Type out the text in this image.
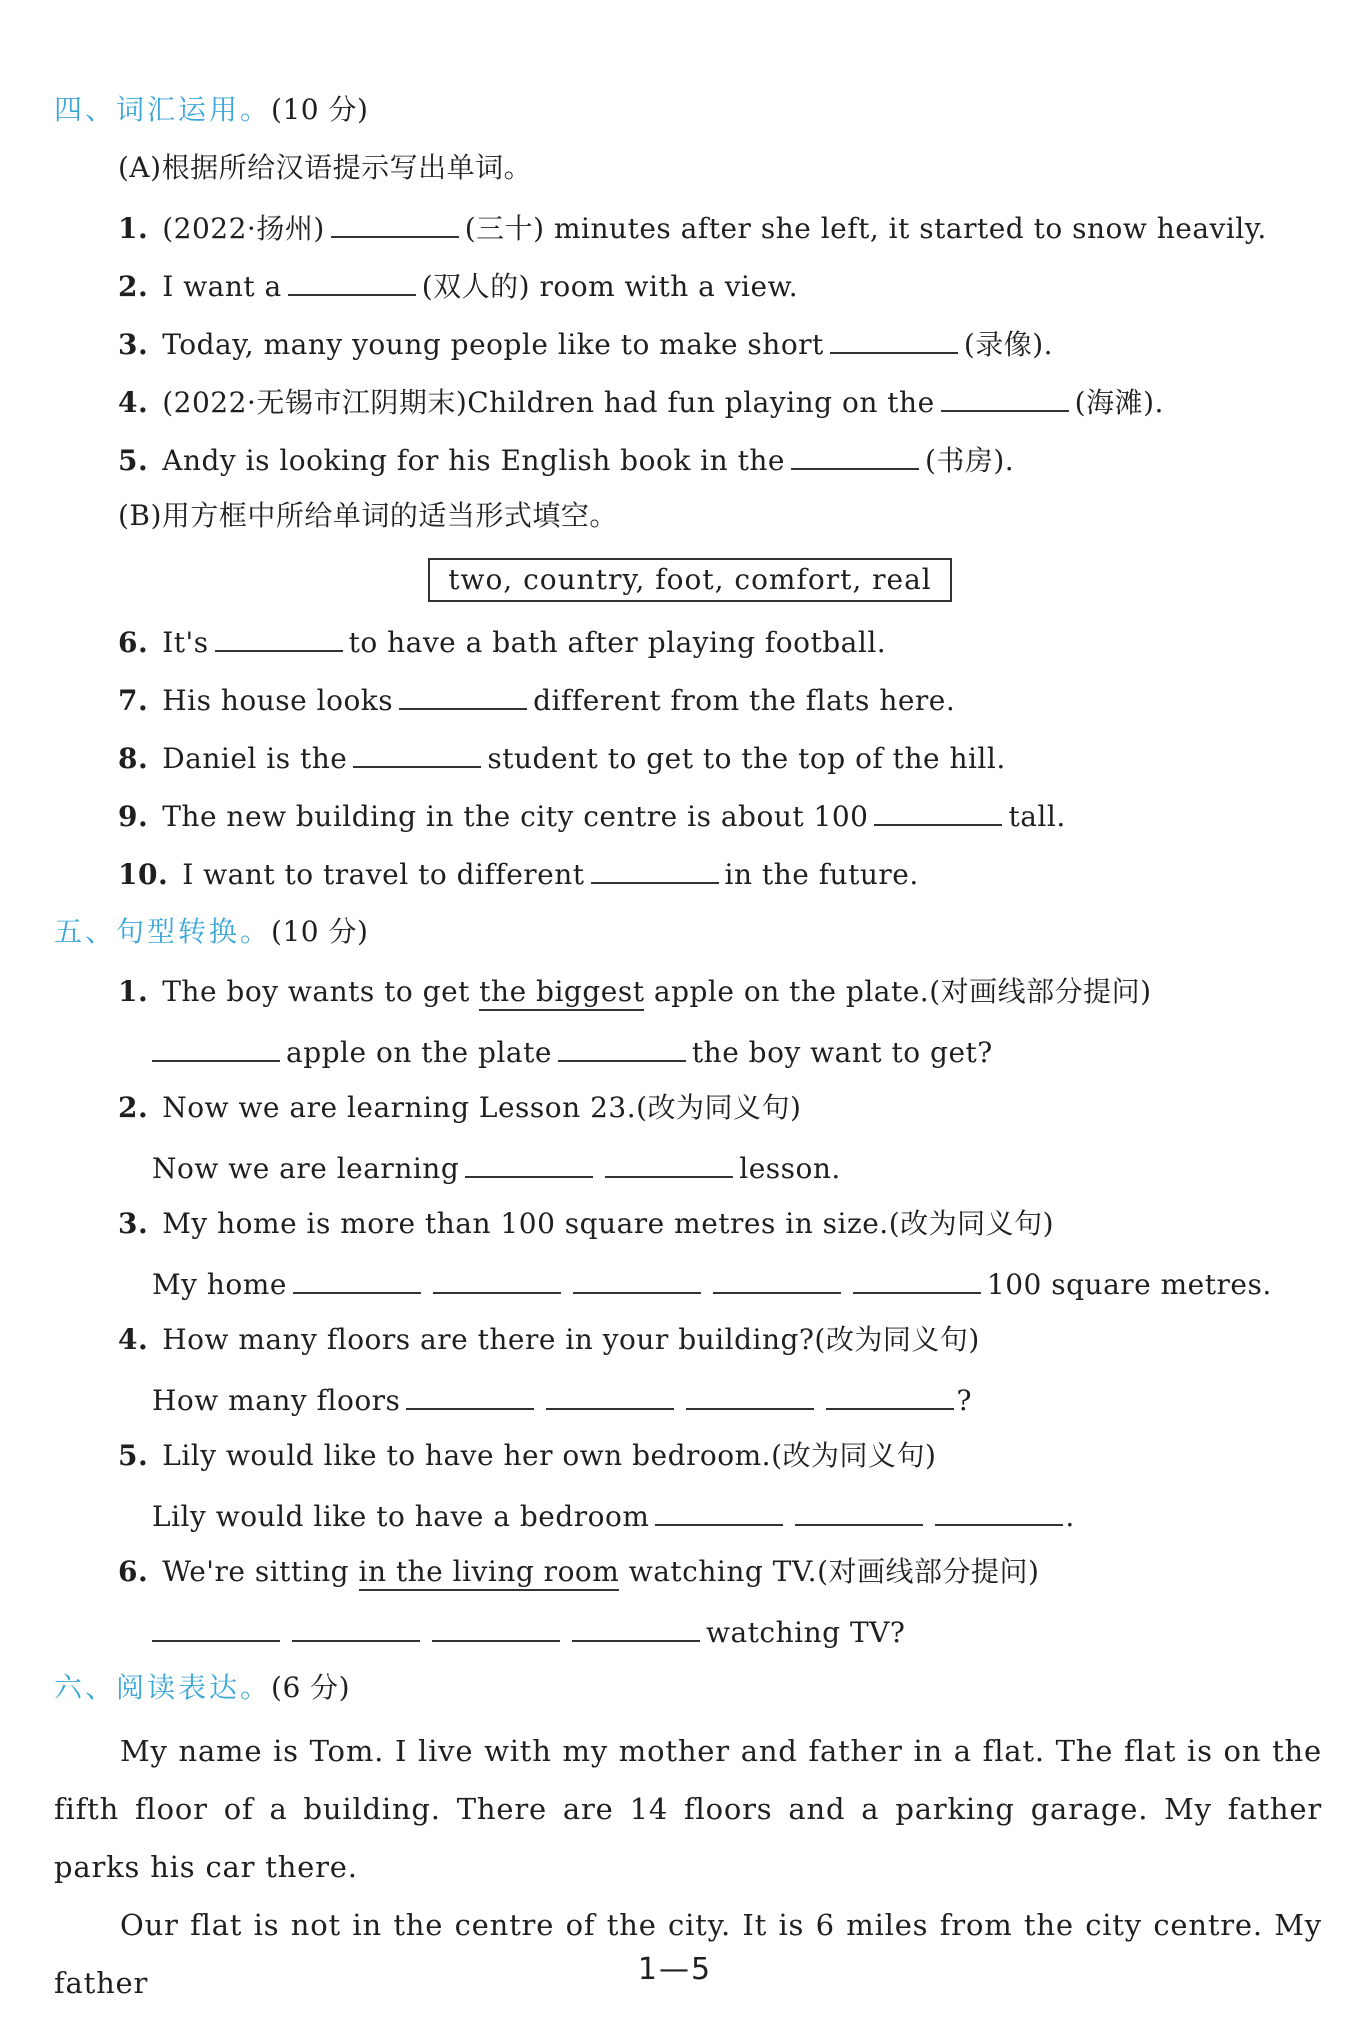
四、词汇运用。(10 分)
(A)根据所给汉语提示写出单词。
1. (2022·扬州)	(三十) minutes after she left, it started to snow heavily.
2. I want a	(双人的) room with a view.
3. Today, many young people like to make short	(录像).
4. (2022·无锡市江阴期末)Children had fun playing on the	(海滩).
5. Andy is looking for his English book in the	(书房).
(B)用方框中所给单词的适当形式填空。
two, country, foot, comfort, real
6. It's	to have a bath after playing football.
7. His house looks	different from the flats here.
8. Daniel is the	student to get to the top of the hill.
9. The new building in the city centre is about 100	tall.
10. I want to travel to different	in the future.
五、句型转换。(10 分)
1. The boy wants to get the biggest apple on the plate.(对画线部分提问)
apple on the plate	the boy want to get?
2. Now we are learning Lesson 23.(改为同义句)
Now we are learning	lesson.
3. My home is more than 100 square metres in size.(改为同义句)
My home	100 square metres.
4. How many floors are there in your building?(改为同义句)
How many floors	?
5. Lily would like to have her own bedroom.(改为同义句)
Lily would like to have a bedroom	.
6. We're sitting in the living room watching TV.(对画线部分提问)
watching TV?
六、阅读表达。(6 分)

My name is Tom. I live with my mother and father in a flat. The flat is on the fifth floor of a building. There are 14 floors and a parking garage. My father parks his car there.

Our flat is not in the centre of the city. It is 6 miles from the city centre. My father	1—5
